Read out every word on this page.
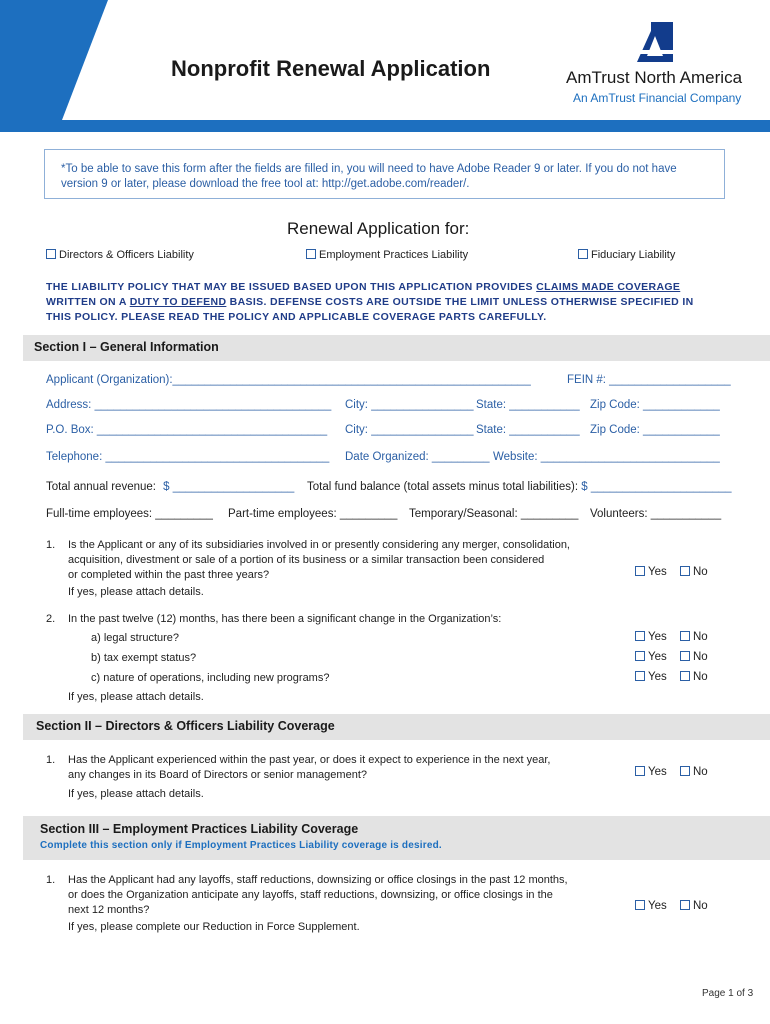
Nonprofit Renewal Application	AmTrust North America
An AmTrust Financial Company
*To be able to save this form after the fields are filled in, you will need to have Adobe Reader 9 or later. If you do not have version 9 or later, please download the free tool at: http://get.adobe.com/reader/.
Renewal Application for:
Directors & Officers Liability	Employment Practices Liability	Fiduciary Liability
THE LIABILITY POLICY THAT MAY BE ISSUED BASED UPON THIS APPLICATION PROVIDES CLAIMS MADE COVERAGE
WRITTEN ON A DUTY TO DEFEND BASIS. DEFENSE COSTS ARE OUTSIDE THE LIMIT UNLESS OTHERWISE SPECIFIED IN
THIS POLICY. PLEASE READ THE POLICY AND APPLICABLE COVERAGE PARTS CAREFULLY.
Section I – General Information
Applicant (Organization):________________________________________________________	FEIN #: ___________________
Address: _____________________________________ City: ________________ State: ___________ Zip Code: ____________
P.O. Box: ____________________________________ City: ________________ State: ___________ Zip Code: ____________
Telephone: ___________________________________ Date Organized: _________ Website: ____________________________
Total annual revenue: $ ___________________ Total fund balance (total assets minus total liabilities): $ ______________________
Full-time employees: _________ Part-time employees: _________ Temporary/Seasonal: _________ Volunteers: ___________
1. Is the Applicant or any of its subsidiaries involved in or presently considering any merger, consolidation,
acquisition, divestment or sale of a portion of its business or a similar transaction been considered
or completed within the past three years?	Yes	No
If yes, please attach details.
2. In the past twelve (12) months, has there been a significant change in the Organization’s:
a) legal structure?	Yes	No
b) tax exempt status?	Yes	No
c) nature of operations, including new programs?	Yes	No
If yes, please attach details.
Section II – Directors & Officers Liability Coverage
1. Has the Applicant experienced within the past year, or does it expect to experience in the next year,
any changes in its Board of Directors or senior management?	Yes	No
If yes, please attach details.
Section III – Employment Practices Liability Coverage
Complete this section only if Employment Practices Liability coverage is desired.
1. Has the Applicant had any layoffs, staff reductions, downsizing or office closings in the past 12 months,
or does the Organization anticipate any layoffs, staff reductions, downsizing, or office closings in the
next 12 months?	Yes	No
If yes, please complete our Reduction in Force Supplement.
Page 1 of 3
